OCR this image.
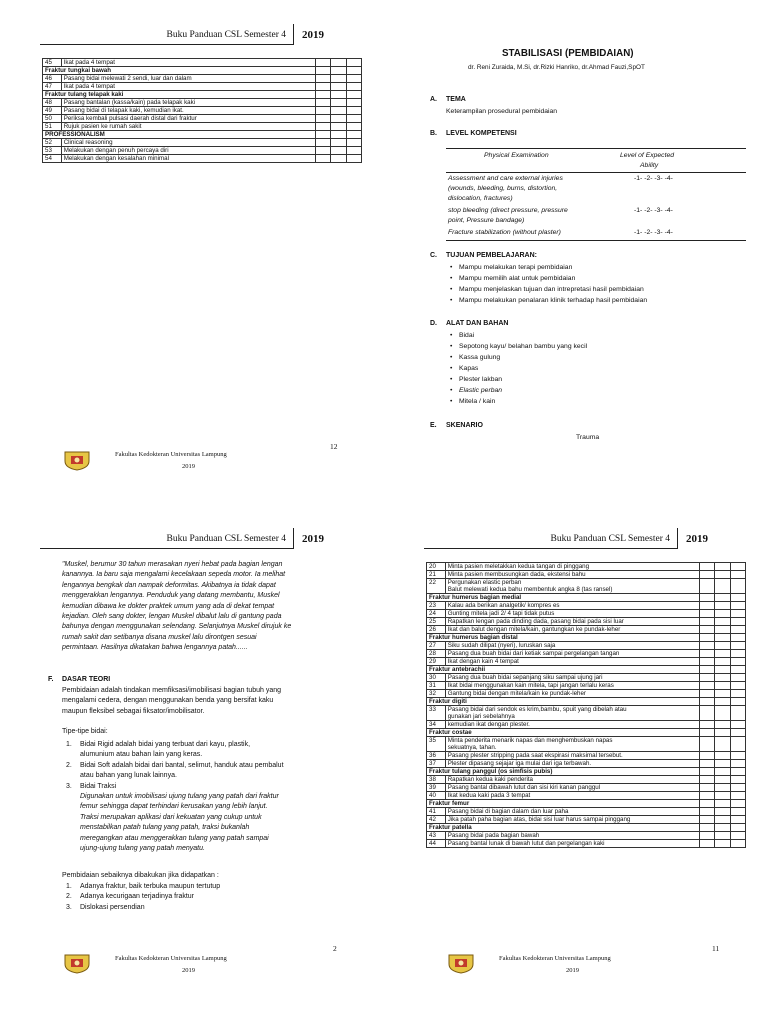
Buku Panduan CSL Semester 4	2019
45	Ikat pada 4 tempat			
Fraktur tungkai bawah				
46	Pasang bidai melewati 2 sendi, luar dan dalam			
47	Ikat pada 4 tempat			
Fraktur tulang telapak kaki				
48	Pasang bantalan (kassa/kain) pada telapak kaki			
49	Pasang bidai di telapak kaki, kemudian ikat.			
50	Periksa kembali pulsasi daerah distal dari fraktur			
51	Rujuk pasien ke rumah sakit			
PROFESSIONALISM				
52	Clinical reasoning			
53	Melakukan dengan penuh percaya diri			
54	Melakukan dengan kesalahan minimal			
12
Fakultas Kedokteran Universitas Lampung
2019
STABILISASI (PEMBIDAIAN)
dr. Reni Zuraida, M.Si, dr.Rizki Hanriko, dr.Ahmad Fauzi,SpOT
A. TEMA
Keterampilan prosedural pembidaian
B. LEVEL KOMPETENSI
Physical Examination	Level of Expected
Ability
Assessment and care external injuries
(wounds, bleeding, burns, distortion,
dislocation, fractures)
-1- -2- -3- -4-
stop bleeding (direct pressure, pressure
point, Pressure bandage)
-1- -2- -3- -4-
Fracture stabilization (without plaster)	-1- -2- -3- -4-
C. TUJUAN PEMBELAJARAN:
• Mampu melakukan terapi pembidaian
• Mampu memilih alat untuk pembidaian
• Mampu menjelaskan tujuan dan intrepretasi hasil pembidaian
• Mampu melakukan penalaran klinik terhadap hasil pembidaian
D. ALAT DAN BAHAN
• Bidai
• Sepotong kayu/ belahan bambu yang kecil
• Kassa gulung
• Kapas
• Plester lakban
• Elastic perban
• Mitela / kain
E. SKENARIO
Trauma
Buku Panduan CSL Semester 4	2019
"Muskel, berumur 30 tahun merasakan nyeri hebat pada bagian lengan
kanannya. Ia baru saja mengalami kecelakaan sepeda motor. Ia melihat
lengannya bengkak dan nampak deformitas. Akibatnya ia tidak dapat
menggerakkan lengannya. Penduduk yang datang membantu, Muskel
kemudian dibawa ke dokter praktek umum yang ada di dekat tempat
kejadian. Oleh sang dokter, lengan Muskel dibalut lalu di gantung pada
bahunya dengan menggunakan selendang. Selanjutnya Muskel dirujuk ke
rumah sakit dan setibanya disana muskel lalu dirontgen sesuai
permintaan. Hasilnya dikatakan bahwa lengannya patah......
F. DASAR TEORI
Pembidaian adalah tindakan memfiksasi/imobilisasi bagian tubuh yang
mengalami cedera, dengan menggunakan benda yang bersifat kaku
maupun fleksibel sebagai fiksator/imobilisator.
Tipe-tipe bidai:
1. Bidai Rigid adalah bidai yang terbuat dari kayu, plastik,
alumunium atau bahan lain yang keras.
2. Bidai Soft adalah bidai dari bantal, selimut, handuk atau pembalut
atau bahan yang lunak lainnya.
3. Bidai Traksi
Digunakan untuk imobilisasi ujung tulang yang patah dari fraktur
femur sehingga dapat terhindari kerusakan yang lebih lanjut.
Traksi merupakan aplikasi dari kekuatan yang cukup untuk
menstabilkan patah tulang yang patah, traksi bukanlah
meregangkan atau menggerakkan tulang yang patah sampai
ujung-ujung tulang yang patah menyatu.
Pembidaian sebaiknya dibakukan jika didapatkan :
1. Adanya fraktur, baik terbuka maupun tertutup
2. Adanya kecurigaan terjadinya fraktur
3. Dislokasi persendian
2
Fakultas Kedokteran Universitas Lampung
2019
Buku Panduan CSL Semester 4	2019
20	Minta pasien meletakkan kedua tangan di pinggang			
21	Minta pasien membusungkan dada, ekstensi bahu			
22	Pergunakan elastic perban
Balut melewati kedua bahu membentuk angka 8 (tas ransel)			

Fraktur humerus bagian medial				
23	Kalau ada berikan analgetik/ kompres es			
24	Gunting mitela jadi 2/ 4 tapi tidak putus			
25	Rapatkan lengan pada dinding dada, pasang bidai pada sisi luar			
26	Ikat dan balut dengan mitela/kain, gantungkan ke pundak-leher			
Fraktur humerus bagian distal				
27	Siku sudah dilipat (nyeri), luruskan saja			
28	Pasang dua buah bidai dari ketiak sampai pergelangan tangan			
29	Ikat dengan kain 4 tempat			
Fraktur antebrachii				
30	Pasang dua buah bidai sepanjang siku sampai ujung jari			
31	Ikat bidai menggunakan kain mitela, tapi jangan terlalu keras			
32	Gantung bidai dengan mitela/kain ke pundak-leher			
Fraktur digiti				
33	Pasang bidai dari sendok es krim,bambu, spuit yang dibelah atau
gunakan jari sebelahnya			

34	kemudian ikat dengan plester.			
Fraktur costae				
35	Minta penderita menarik napas dan menghembuskan napas
sekuatnya, tahan.			

36	Pasang plester stripping pada saat ekspirasi maksimal tersebut.			
37	Plester dipasang sejajar iga mulai dari iga terbawah.			
Fraktur tulang panggul (os simfisis pubis)				
38	Rapatkan kedua kaki penderita			
39	Pasang bantal dibawah lutut dan sisi kiri kanan panggul			
40	Ikat kedua kaki pada 3 tempat			
Fraktur femur				
41	Pasang bidai di bagian dalam dan luar paha			
42	Jika patah paha bagian atas, bidai sisi luar harus sampai pinggang			
Fraktur patella				
43	Pasang bidai pada bagian bawah			
44	Pasang bantal lunak di bawah lutut dan pergelangan kaki			
11
Fakultas Kedokteran Universitas Lampung
2019
